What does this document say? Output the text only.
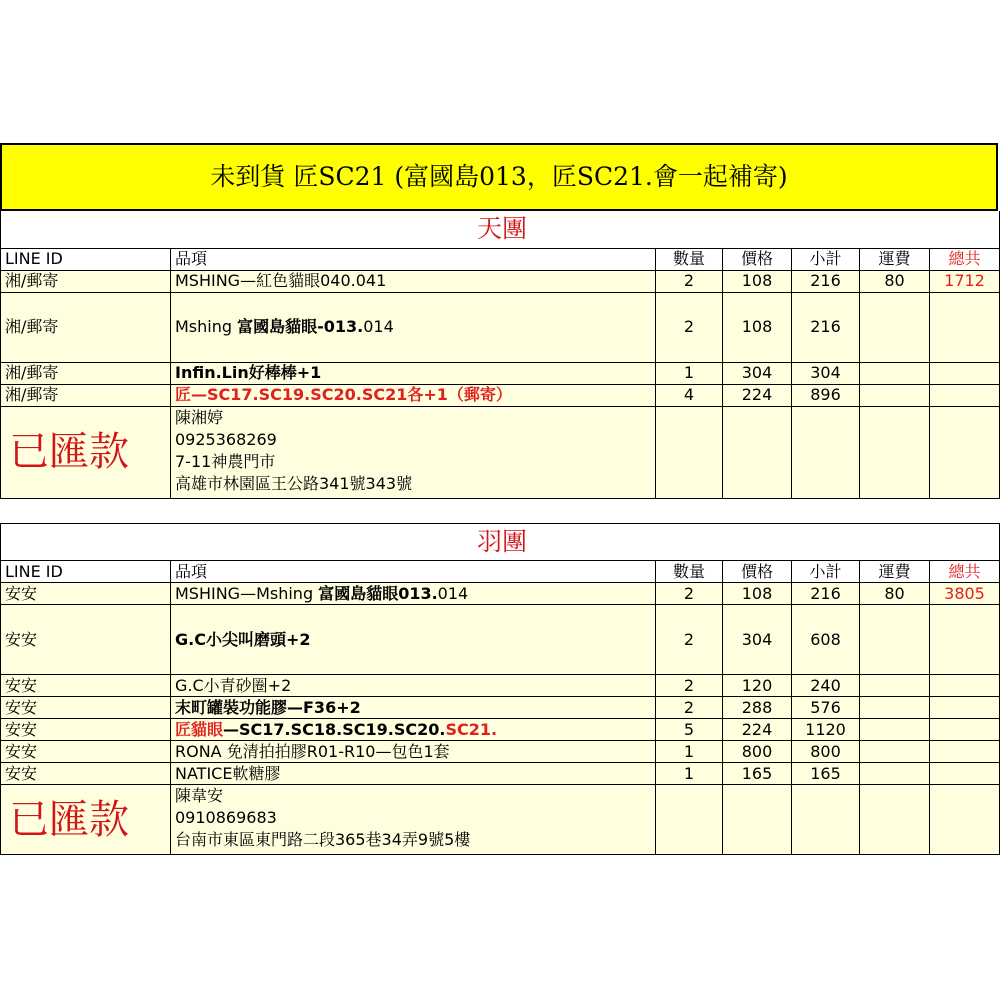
未到貨 匠SC21 (富國島013，匠SC21.會一起補寄)
天團						
LINE ID	品項	數量	價格	小計	運費	總共
湘/郵寄	MSHING—紅色貓眼040.041	2	108	216	80	1712
湘/郵寄	Mshing 富國島貓眼-013.014	2	108	216		
湘/郵寄	Infin.Lin好棒棒+1	1	304	304		
湘/郵寄	匠—SC17.SC19.SC20.SC21各+1（郵寄）	4	224	896		
已匯款	陳湘婷
0925368269
7-11神農門市
高雄市林園區王公路341號343號					

羽團						
LINE ID	品項	數量	價格	小計	運費	總共
安安	MSHING—Mshing 富國島貓眼013.014	2	108	216	80	3805
安安	G.C小尖叫磨頭+2	2	304	608		
安安	G.C小青砂圈+2	2	120	240		
安安	末町罐裝功能膠—F36+2	2	288	576		
安安	匠貓眼—SC17.SC18.SC19.SC20.SC21.	5	224	1120		
安安	RONA 免清拍拍膠R01-R10—包色1套	1	800	800		
安安	NATICE軟糖膠	1	165	165		
已匯款	陳韋安
0910869683
台南市東區東門路二段365巷34弄9號5樓					
